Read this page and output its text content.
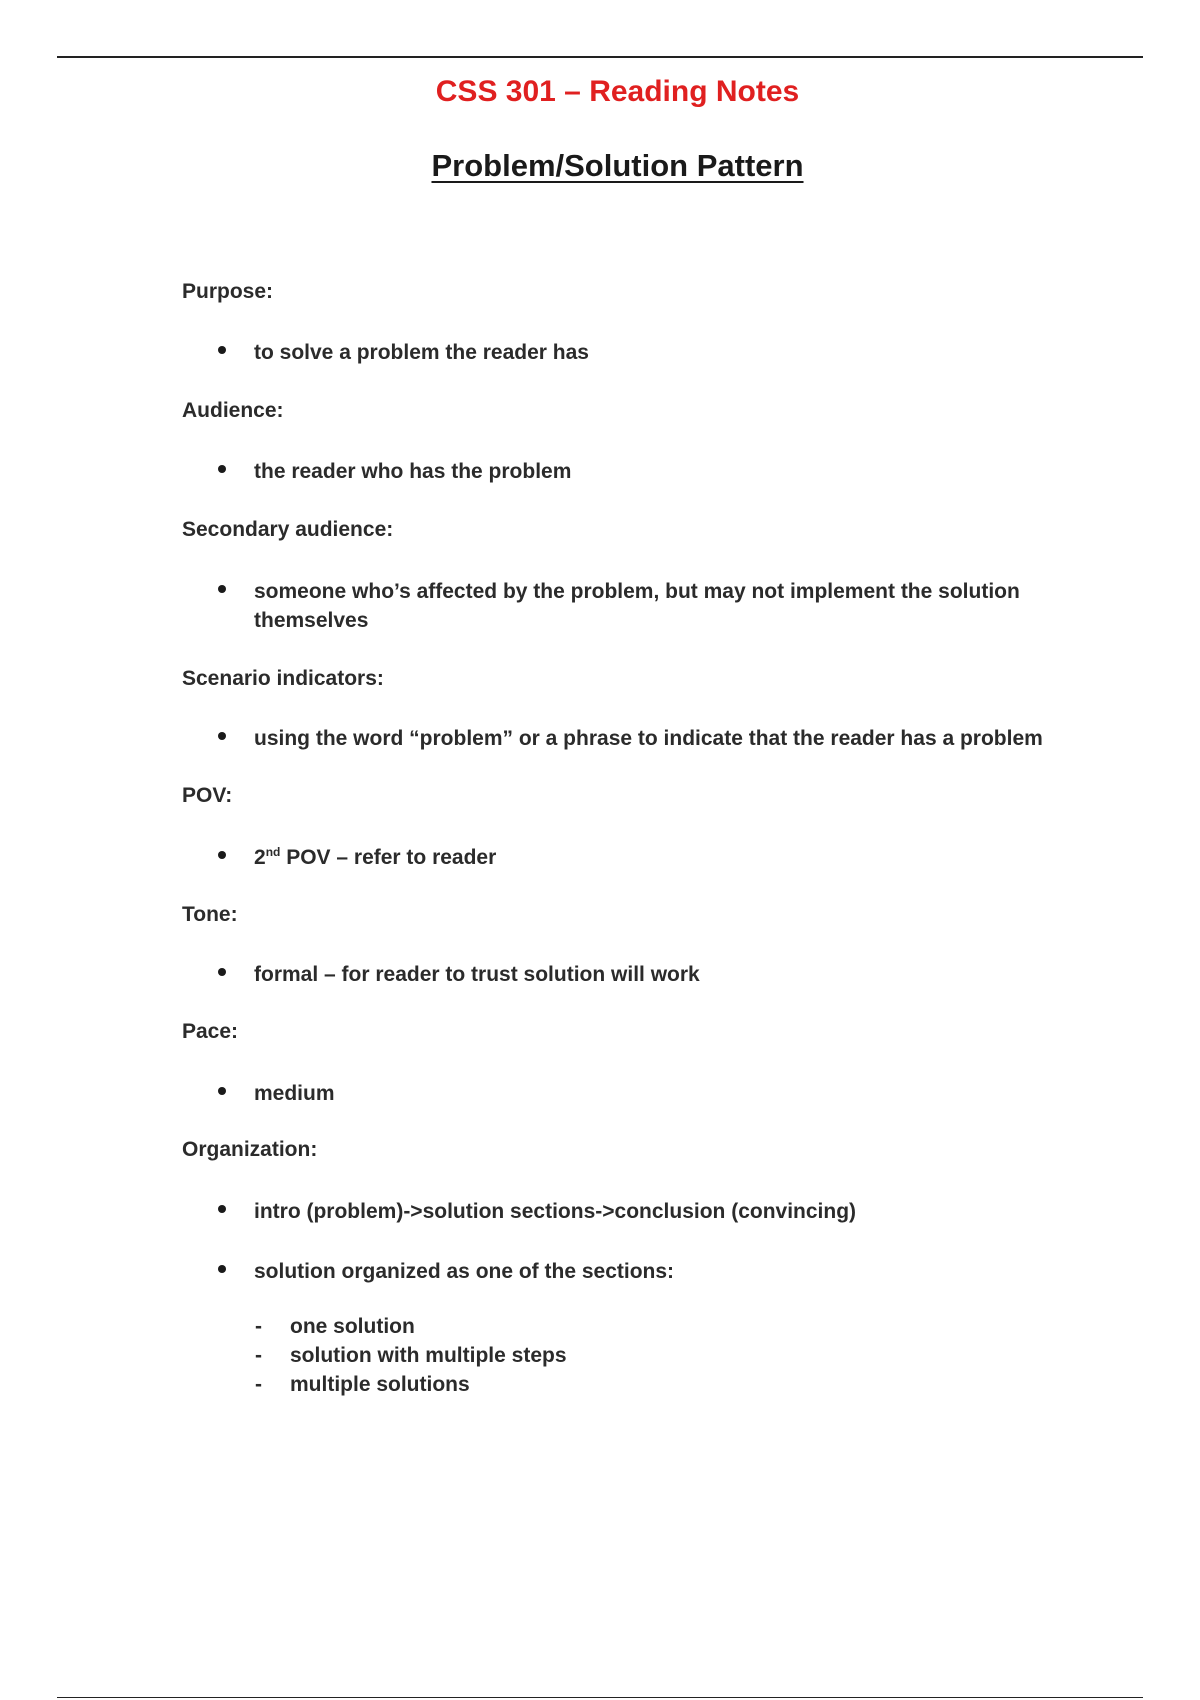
CSS 301 – Reading Notes
Problem/Solution Pattern
Purpose:
to solve a problem the reader has
Audience:
the reader who has the problem
Secondary audience:
someone who’s affected by the problem, but may not implement the solution themselves
Scenario indicators:
using the word “problem” or a phrase to indicate that the reader has a problem
POV:
2nd POV – refer to reader
Tone:
formal – for reader to trust solution will work
Pace:
medium
Organization:
intro (problem)->solution sections->conclusion (convincing)
solution organized as one of the sections:
- one solution
- solution with multiple steps
- multiple solutions
